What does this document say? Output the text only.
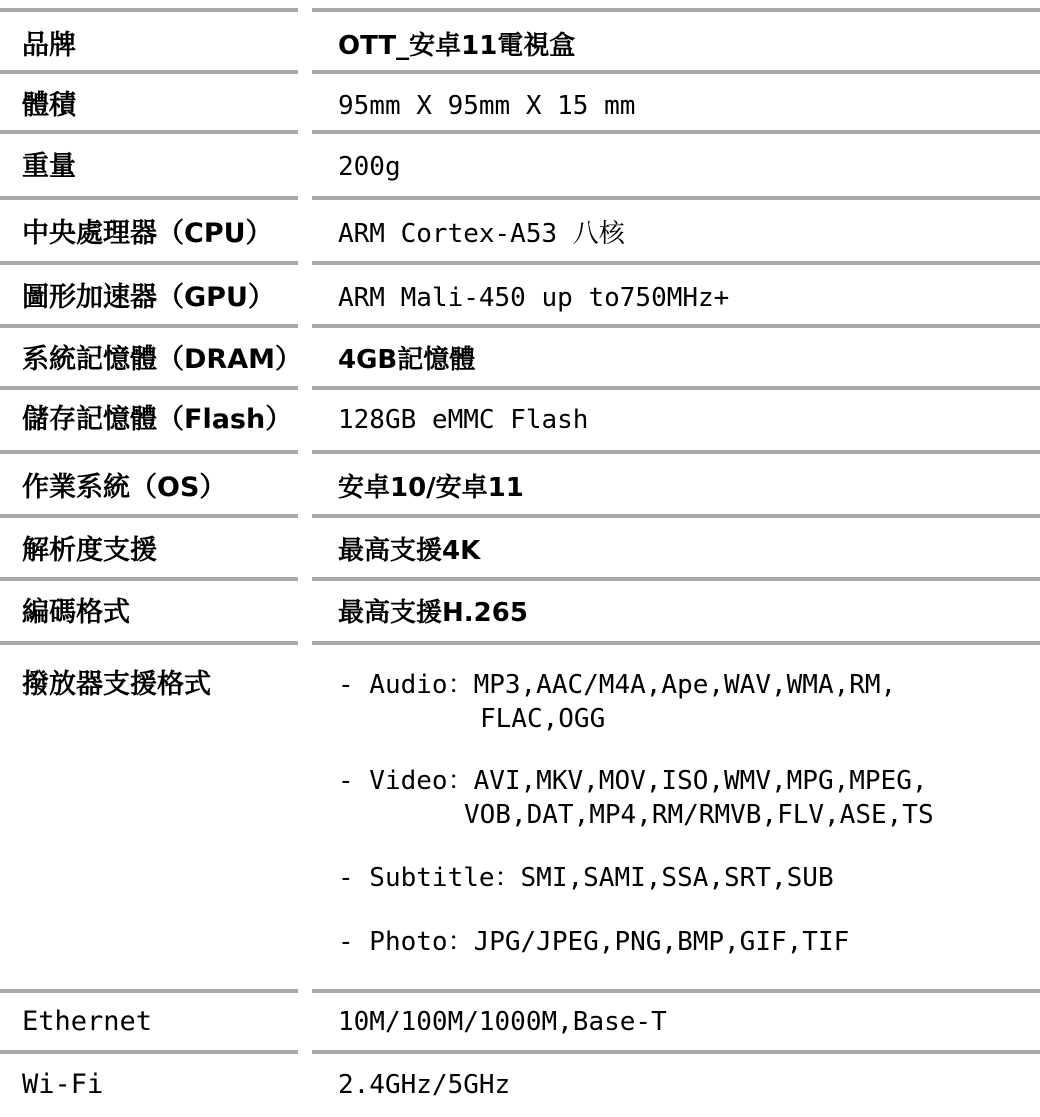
品牌	OTT_安卓11電視盒
體積	95mm X 95mm X 15 mm
重量	200g
中央處理器（CPU）	ARM Cortex-A53 八核
圖形加速器（GPU） ARM Mali-450 up to750MHz+
系統記憶體（DRAM） 4GB記憶體
儲存記憶體（Flash） 128GB eMMC Flash
作業系統（OS）	安卓10/安卓11
解析度支援	最高支援4K
編碼格式	最高支援H.265
撥放器支援格式	- Audio：MP3,AAC/M4A,Ape,WAV,WMA,RM,
FLAC,OGG
- Video：AVI,MKV,MOV,ISO,WMV,MPG,MPEG,
VOB,DAT,MP4,RM/RMVB,FLV,ASE,TS
- Subtitle：SMI,SAMI,SSA,SRT,SUB
- Photo：JPG/JPEG,PNG,BMP,GIF,TIF
Ethernet	10M/100M/1000M,Base-T
Wi-Fi	2.4GHz/5GHz
